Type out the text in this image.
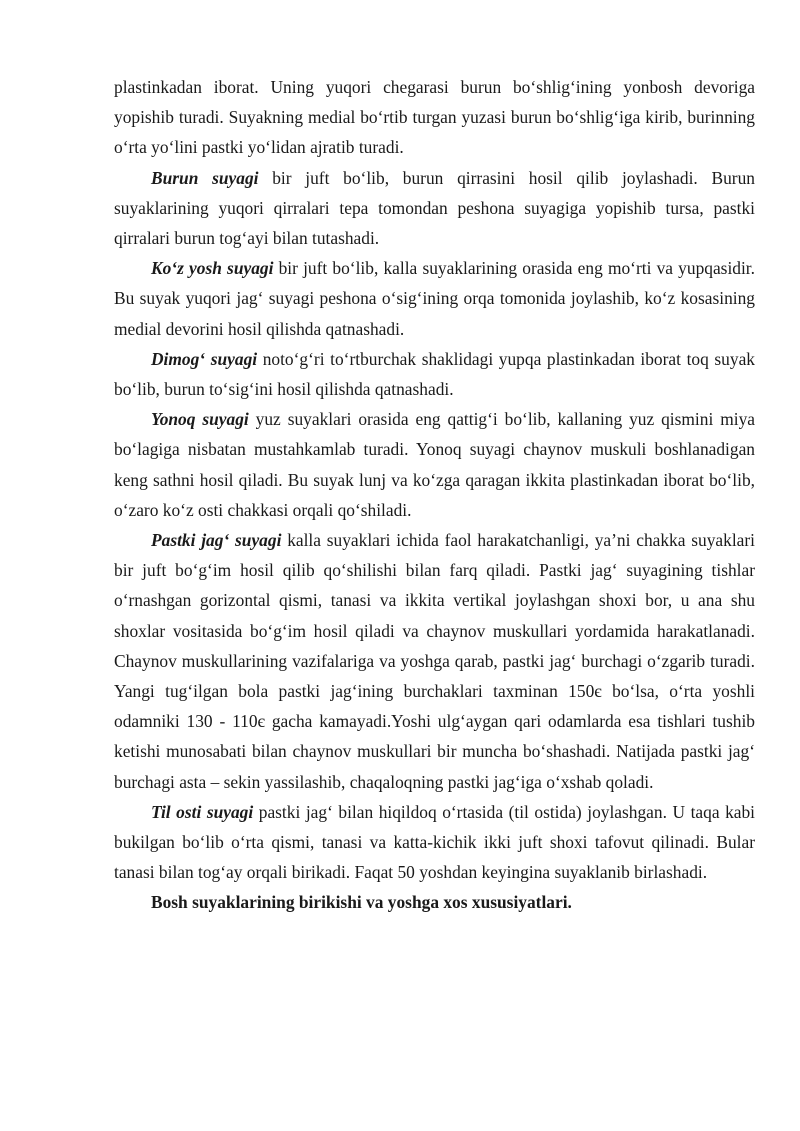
plastinkadan iborat. Uning yuqori chegarasi burun bo‘shlig‘ining yonbosh devoriga yopishib turadi. Suyakning medial bo‘rtib turgan yuzasi burun bo‘shlig‘iga kirib, burinning o‘rta yo‘lini pastki yo‘lidan ajratib turadi.

Burun suyagi bir juft bo‘lib, burun qirrasini hosil qilib joylashadi. Burun suyaklarining yuqori qirralari tepa tomondan peshona suyagiga yopishib tursa, pastki qirralari burun tog‘ayi bilan tutashadi.

Ko‘z yosh suyagi bir juft bo‘lib, kalla suyaklarining orasida eng mo‘rti va yupqasidir. Bu suyak yuqori jag‘ suyagi peshona o‘sig‘ining orqa tomonida joylashib, ko‘z kosasining medial devorini hosil qilishda qatnashadi.

Dimog‘ suyagi noto‘g‘ri to‘rtburchak shaklidagi yupqa plastinkadan iborat toq suyak bo‘lib, burun to‘sig‘ini hosil qilishda qatnashadi.

Yonoq suyagi yuz suyaklari orasida eng qattig‘i bo‘lib, kallaning yuz qismini miya bo‘lagiga nisbatan mustahkamlab turadi. Yonoq suyagi chaynov muskuli boshlanadigan keng sathni hosil qiladi. Bu suyak lunj va ko‘zga qaragan ikkita plastinkadan iborat bo‘lib, o‘zaro ko‘z osti chakkasi orqali qo‘shiladi.

Pastki jag‘ suyagi kalla suyaklari ichida faol harakatchanligi, ya’ni chakka suyaklari bir juft bo‘g‘im hosil qilib qo‘shilishi bilan farq qiladi. Pastki jag‘ suyagining tishlar o‘rnashgan gorizontal qismi, tanasi va ikkita vertikal joylashgan shoxi bor, u ana shu shoxlar vositasida bo‘g‘im hosil qiladi va chaynov muskullari yordamida harakatlanadi. Chaynov muskullarining vazifalariga va yoshga qarab, pastki jag‘ burchagi o‘zgarib turadi. Yangi tug‘ilgan bola pastki jag‘ining burchaklari taxminan 150є bo‘lsa, o‘rta yoshli odamniki 130 - 110є gacha kamayadi.Yoshi ulg‘aygan qari odamlarda esa tishlari tushib ketishi munosabati bilan chaynov muskullari bir muncha bo‘shashadi. Natijada pastki jag‘ burchagi asta – sekin yassilashib, chaqaloqning pastki jag‘iga o‘xshab qoladi.

Til osti suyagi pastki jag‘ bilan hiqildoq o‘rtasida (til ostida) joylashgan. U taqa kabi bukilgan bo‘lib o‘rta qismi, tanasi va katta-kichik ikki juft shoxi tafovut qilinadi. Bular tanasi bilan tog‘ay orqali birikadi. Faqat 50 yoshdan keyingina suyaklanib birlashadi.

Bosh suyaklarining birikishi va yoshga xos xususiyatlari.
